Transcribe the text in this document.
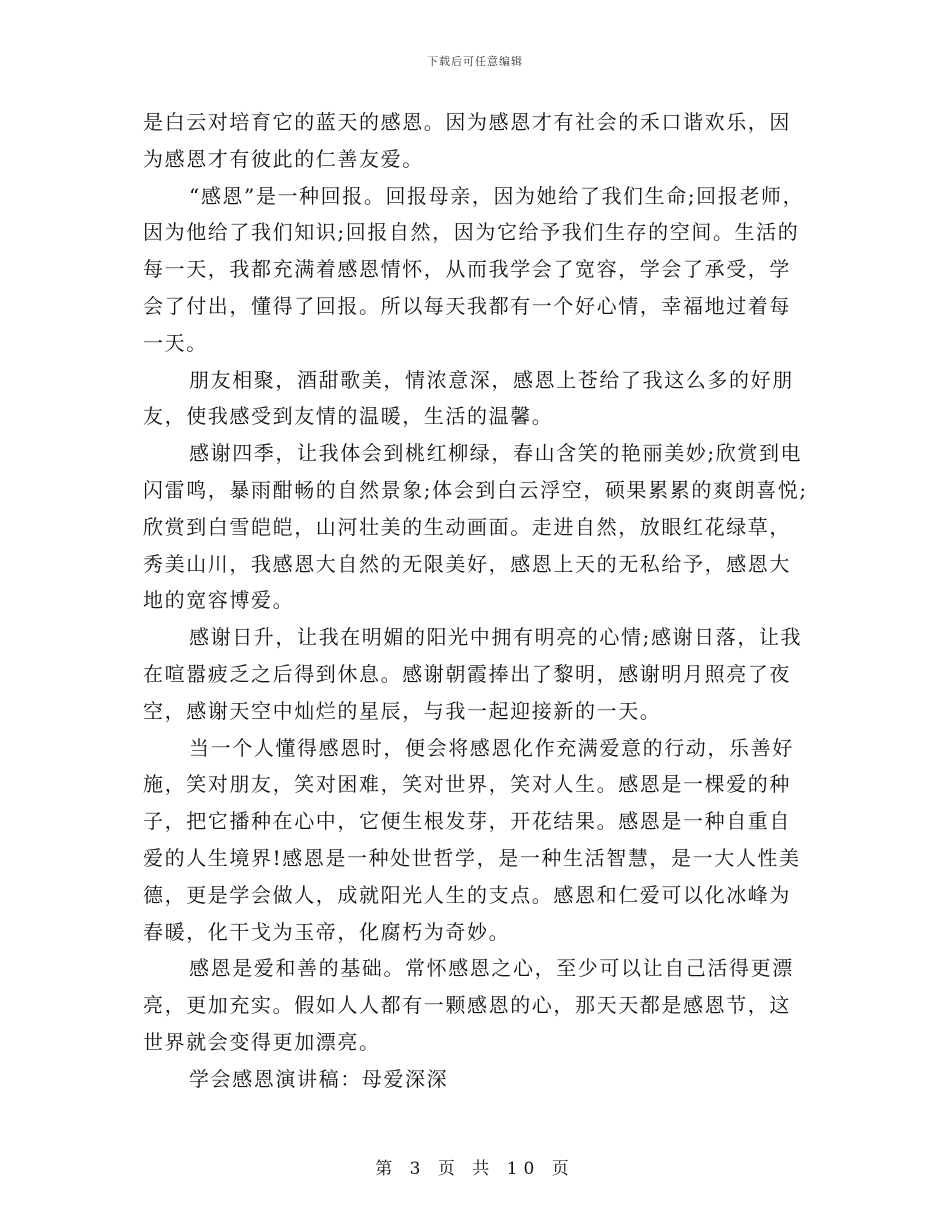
下载后可任意编辑
是白云对培育它的蓝天的感恩。因为感恩才有社会的禾口谐欢乐，因
为感恩才有彼此的仁善友爱。
“感恩”是一种回报。回报母亲，因为她给了我们生命;回报老师，
因为他给了我们知识;回报自然，因为它给予我们生存的空间。生活的
每一天，我都充满着感恩情怀，从而我学会了宽容，学会了承受，学
会了付出，懂得了回报。所以每天我都有一个好心情，幸福地过着每
一天。
朋友相聚，酒甜歌美，情浓意深，感恩上苍给了我这么多的好朋
友，使我感受到友情的温暖，生活的温馨。
感谢四季，让我体会到桃红柳绿，春山含笑的艳丽美妙;欣赏到电
闪雷鸣，暴雨酣畅的自然景象;体会到白云浮空，硕果累累的爽朗喜悦;
欣赏到白雪皑皑，山河壮美的生动画面。走进自然，放眼红花绿草，
秀美山川，我感恩大自然的无限美好，感恩上天的无私给予，感恩大
地的宽容博爱。
感谢日升，让我在明媚的阳光中拥有明亮的心情;感谢日落，让我
在喧嚣疲乏之后得到休息。感谢朝霞捧出了黎明，感谢明月照亮了夜
空，感谢天空中灿烂的星辰，与我一起迎接新的一天。
当一个人懂得感恩时，便会将感恩化作充满爱意的行动，乐善好
施，笑对朋友，笑对困难，笑对世界，笑对人生。感恩是一棵爱的种
子，把它播种在心中，它便生根发芽，开花结果。感恩是一种自重自
爱的人生境界!感恩是一种处世哲学，是一种生活智慧，是一大人性美
德，更是学会做人，成就阳光人生的支点。感恩和仁爱可以化冰峰为
春暖，化干戈为玉帝，化腐朽为奇妙。
感恩是爱和善的基础。常怀感恩之心，至少可以让自己活得更漂
亮，更加充实。假如人人都有一颗感恩的心，那天天都是感恩节，这
世界就会变得更加漂亮。
学会感恩演讲稿：母爱深深
第 3 页 共 10 页
